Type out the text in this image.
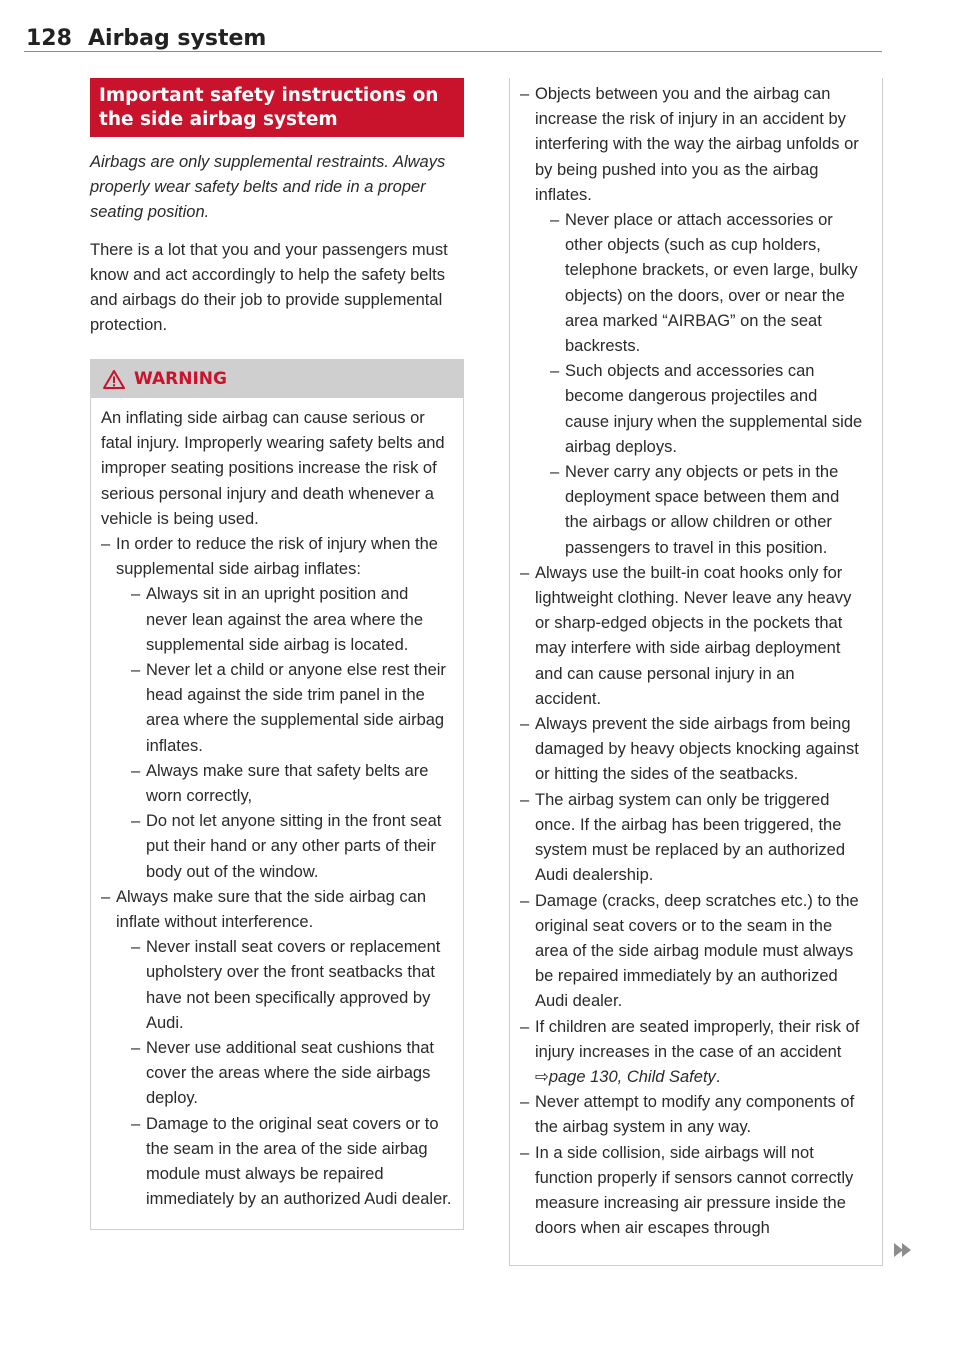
128 Airbag system
Important safety instructions on the side airbag system

Airbags are only supplemental restraints. Always properly wear safety belts and ride in a proper seating position.

There is a lot that you and your passengers must know and act accordingly to help the safety belts and airbags do their job to provide supplemental protection.

WARNING

An inflating side airbag can cause serious or fatal injury. Improperly wearing safety belts and improper seating positions increase the risk of serious personal injury and death whenever a vehicle is being used.

– In order to reduce the risk of injury when the supplemental side airbag inflates:
– Always sit in an upright position and never lean against the area where the supplemental side airbag is located.
– Never let a child or anyone else rest their head against the side trim panel in the area where the supplemental side airbag inflates.
– Always make sure that safety belts are worn correctly,
– Do not let anyone sitting in the front seat put their hand or any other parts of their body out of the window.
– Always make sure that the side airbag can inflate without interference.
– Never install seat covers or replacement upholstery over the front seatbacks that have not been specifically approved by Audi.
– Never use additional seat cushions that cover the areas where the side airbags deploy.
– Damage to the original seat covers or to the seam in the area of the side airbag module must always be repaired immediately by an authorized Audi dealer.
– Objects between you and the airbag can increase the risk of injury in an accident by interfering with the way the airbag unfolds or by being pushed into you as the airbag inflates.
– Never place or attach accessories or other objects (such as cup holders, telephone brackets, or even large, bulky objects) on the doors, over or near the area marked “AIRBAG” on the seat backrests.
– Such objects and accessories can become dangerous projectiles and cause injury when the supplemental side airbag deploys.
– Never carry any objects or pets in the deployment space between them and the airbags or allow children or other passengers to travel in this position.
– Always use the built-in coat hooks only for lightweight clothing. Never leave any heavy or sharp-edged objects in the pockets that may interfere with side airbag deployment and can cause personal injury in an accident.
– Always prevent the side airbags from being damaged by heavy objects knocking against or hitting the sides of the seatbacks.
– The airbag system can only be triggered once. If the airbag has been triggered, the system must be replaced by an authorized Audi dealership.
– Damage (cracks, deep scratches etc.) to the original seat covers or to the seam in the area of the side airbag module must always be repaired immediately by an authorized Audi dealer.
– If children are seated improperly, their risk of injury increases in the case of an accident ⇨page 130, Child Safety.
– Never attempt to modify any components of the airbag system in any way.
– In a side collision, side airbags will not function properly if sensors cannot correctly measure increasing air pressure inside the doors when air escapes through
